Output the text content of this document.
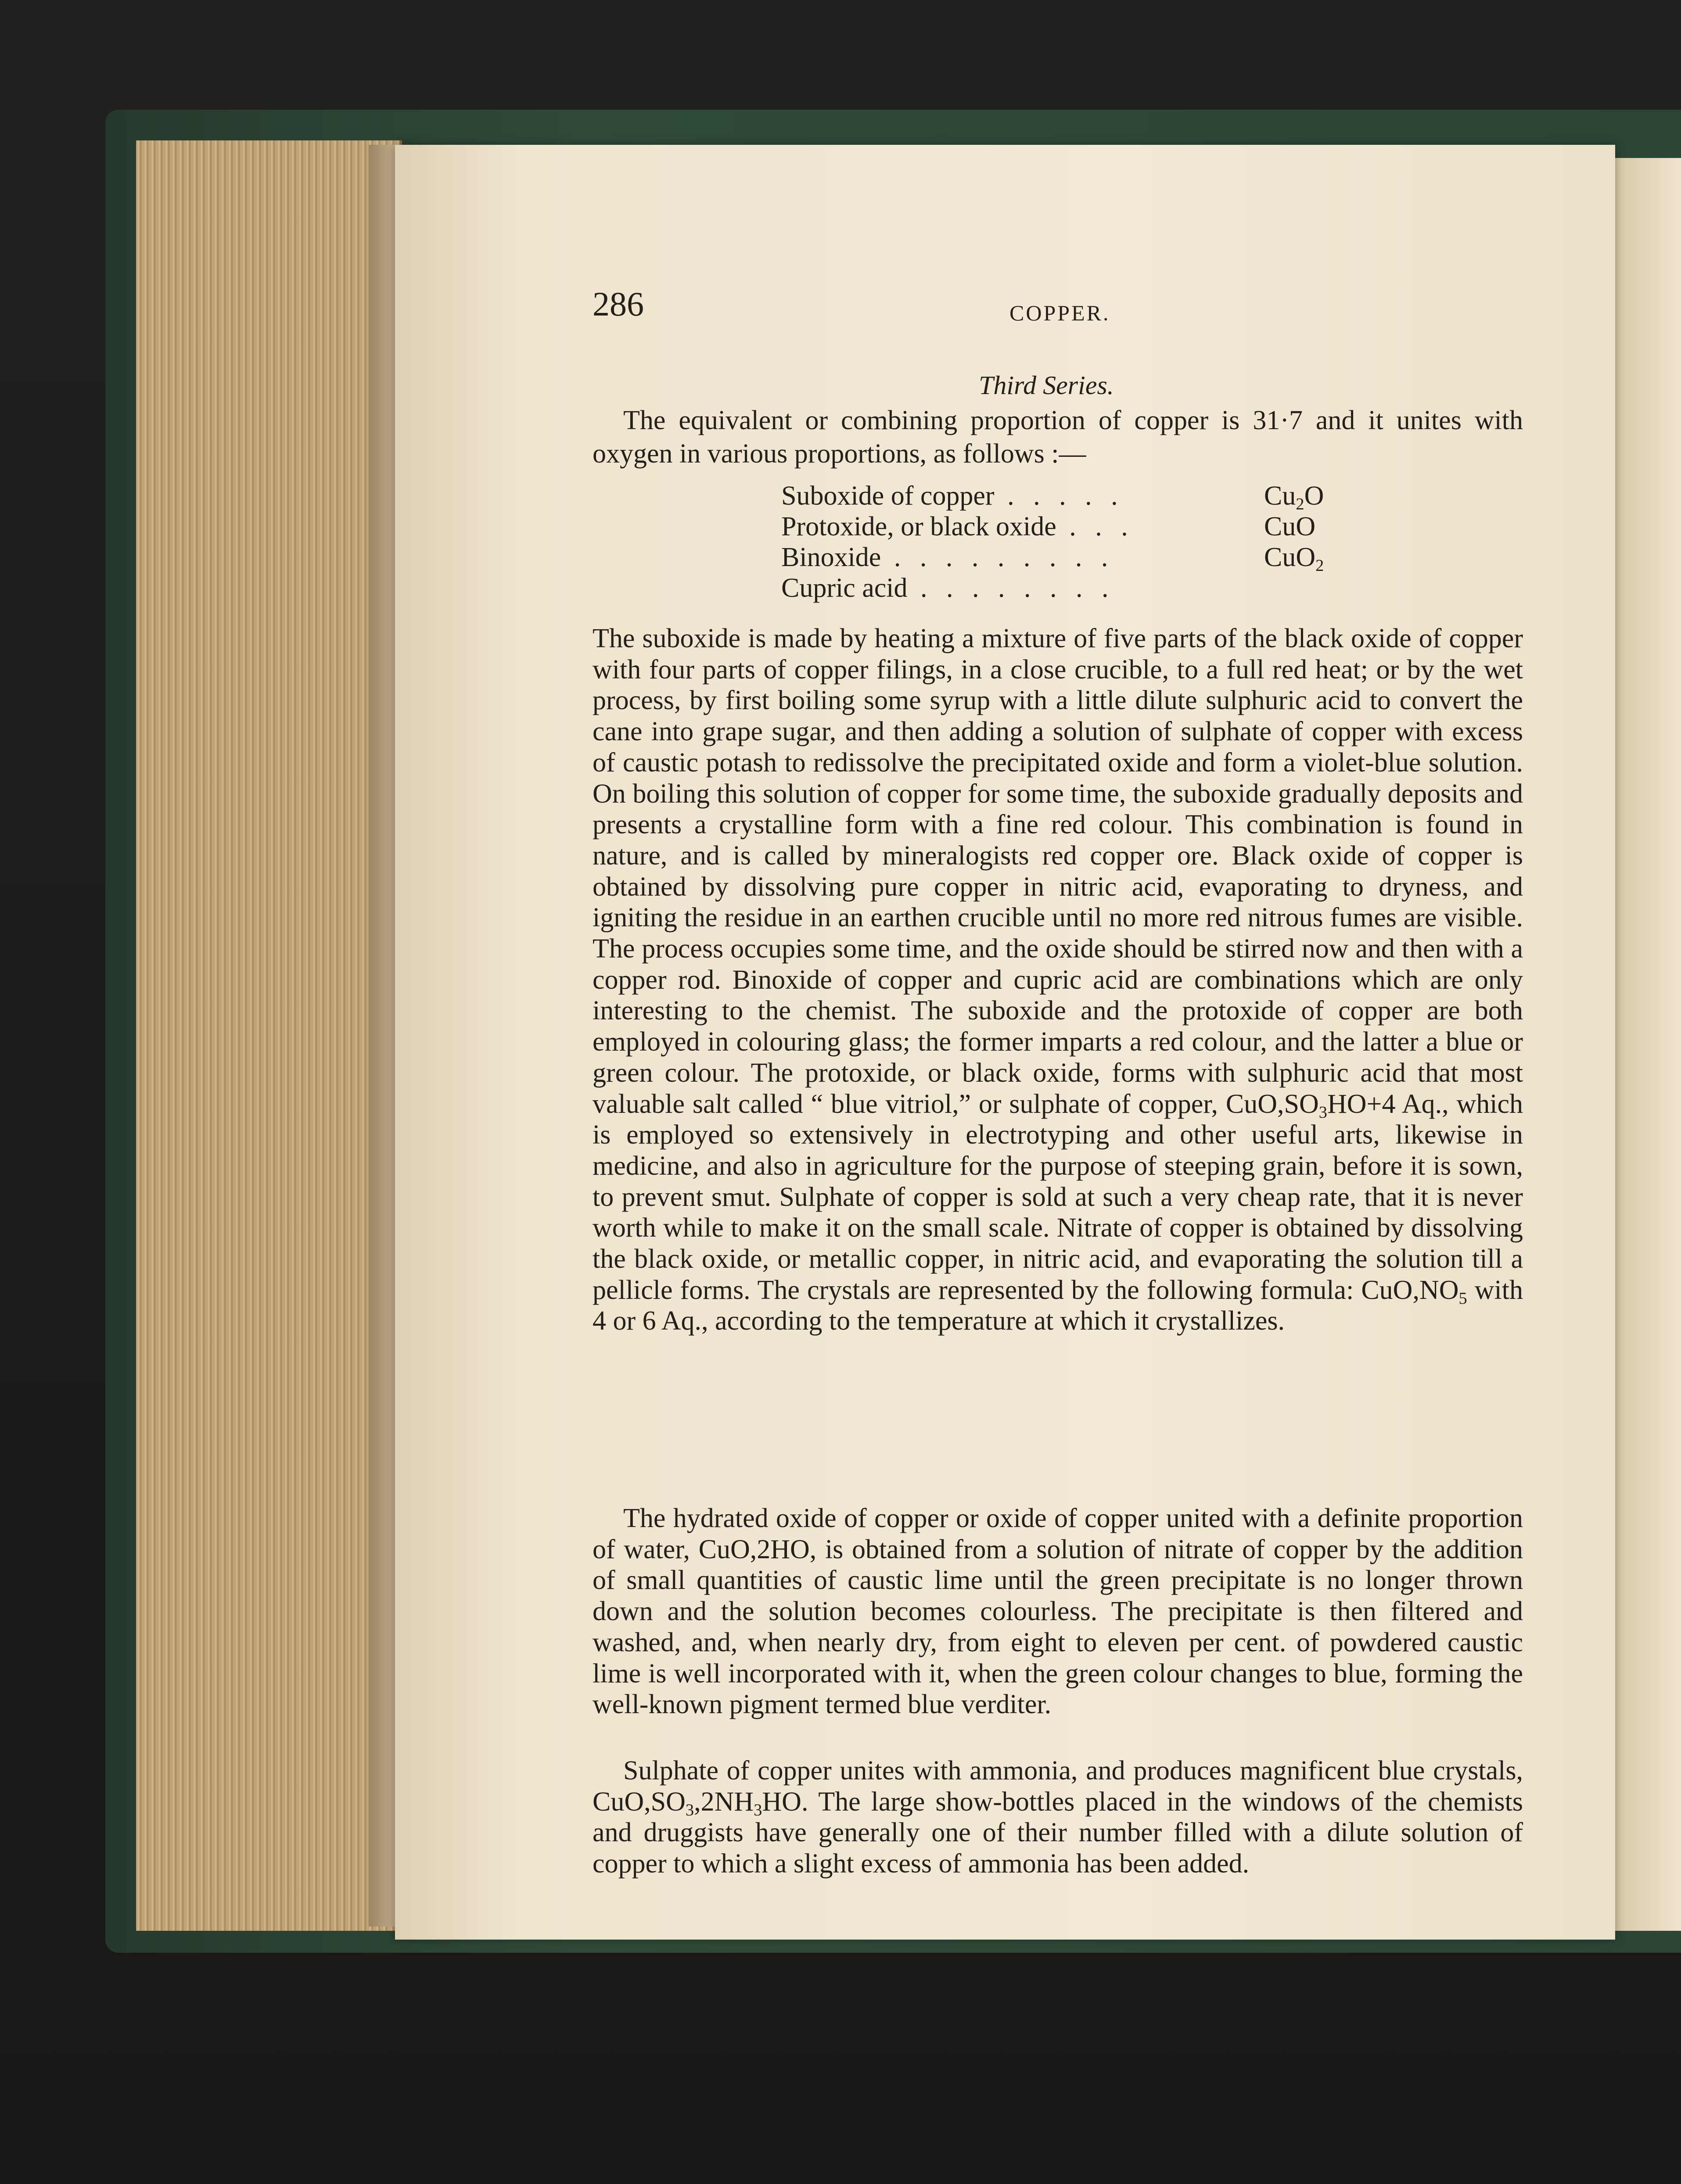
286	COPPER.
Third Series.
The equivalent or combining proportion of copper is 31·7 and it unites with oxygen in various proportions, as follows :—
Suboxide of copper . . . . .	$Cu_2O$
Protoxide, or black oxide . . .	CuO
Binoxide . . . . . . . . .	CuO$_2$
Cupric acid . . . . . . . .
The suboxide is made by heating a mixture of five parts of the black oxide of copper with four parts of copper filings, in a close crucible, to a full red heat; or by the wet process, by first boiling some syrup with a little dilute sulphuric acid to convert the cane into grape sugar, and then adding a solution of sulphate of copper with excess of caustic potash to redissolve the precipitated oxide and form a violet-blue solution. On boiling this solution of copper for some time, the suboxide gradually deposits and presents a crystalline form with a fine red colour. This combination is found in nature, and is called by mineralogists red copper ore. Black oxide of copper is obtained by dissolving pure copper in nitric acid, evaporating to dryness, and igniting the residue in an earthen crucible until no more red nitrous fumes are visible. The process occupies some time, and the oxide should be stirred now and then with a copper rod. Binoxide of copper and cupric acid are combinations which are only interesting to the chemist. The suboxide and the protoxide of copper are both employed in colouring glass; the former imparts a red colour, and the latter a blue or green colour. The protoxide, or black oxide, forms with sulphuric acid that most valuable salt called “ blue vitriol,” or sulphate of copper, $CuO,SO_3HO+4$ Aq., which is employed so extensively in electrotyping and other useful arts, likewise in medicine, and also in agriculture for the purpose of steeping grain, before it is sown, to prevent smut. Sulphate of copper is sold at such a very cheap rate, that it is never worth while to make it on the small scale. Nitrate of copper is obtained by dissolving the black oxide, or metallic copper, in nitric acid, and evaporating the solution till a pellicle forms. The crystals are represented by the following formula: $CuO,NO_5$ with 4 or 6 Aq., according to the temperature at which it crystallizes.
The hydrated oxide of copper or oxide of copper united with a definite proportion of water, CuO,2HO, is obtained from a solution of nitrate of copper by the addition of small quantities of caustic lime until the green precipitate is no longer thrown down and the solution becomes colourless. The precipitate is then filtered and washed, and, when nearly dry, from eight to eleven per cent. of powdered caustic lime is well incorporated with it, when the green colour changes to blue, forming the well-known pigment termed blue verditer.
Sulphate of copper unites with ammonia, and produces magnificent blue crystals, $CuO,SO_3,2NH_3HO$. The large show-bottles placed in the windows of the chemists and druggists have generally one of their number filled with a dilute solution of copper to which a slight excess of ammonia has been added.
